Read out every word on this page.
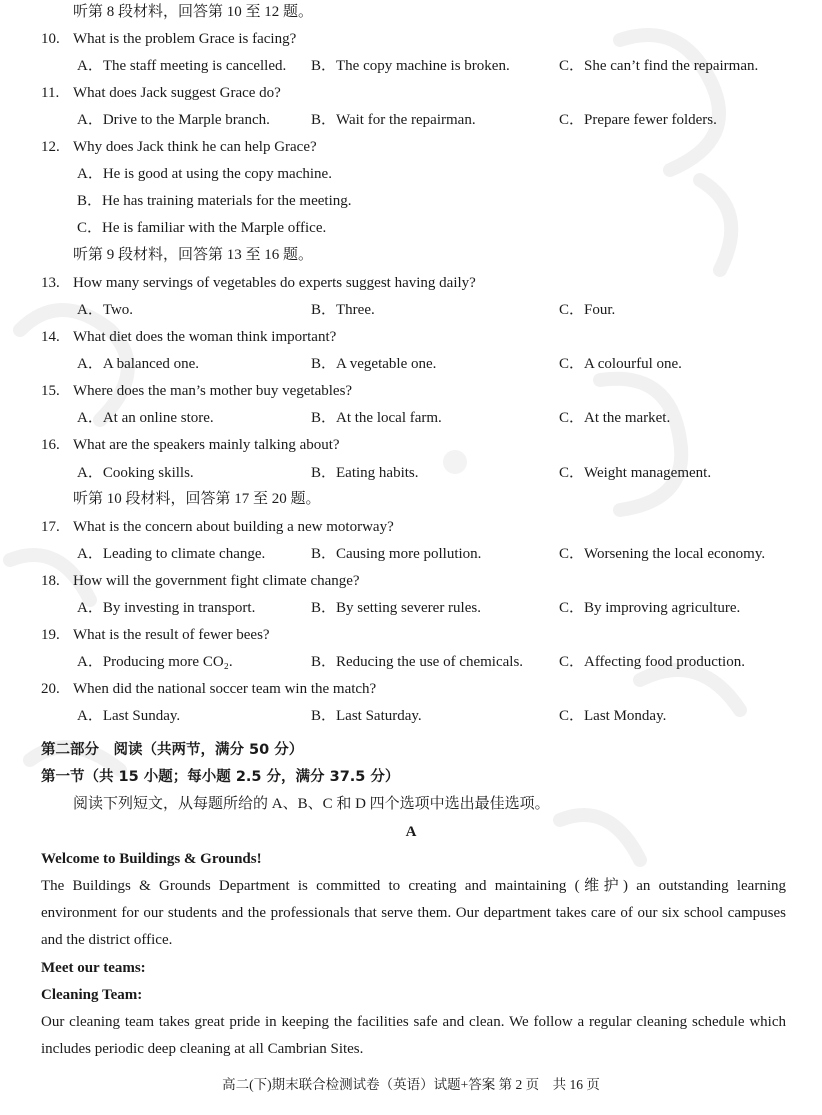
听第 8 段材料，回答第 10 至 12 题。
10. What is the problem Grace is facing?
A．The staff meeting is cancelled. B．The copy machine is broken.	C．She can’t find the repairman.
11. What does Jack suggest Grace do?
A．Drive to the Marple branch.	B．Wait for the repairman.	C．Prepare fewer folders.
12. Why does Jack think he can help Grace?
A．He is good at using the copy machine.
B．He has training materials for the meeting.
C．He is familiar with the Marple office.
听第 9 段材料，回答第 13 至 16 题。
13. How many servings of vegetables do experts suggest having daily?
A．Two.	B．Three.	C．Four.
14. What diet does the woman think important?
A．A balanced one.	B．A vegetable one.	C．A colourful one.
15. Where does the man’s mother buy vegetables?
A．At an online store.	B．At the local farm.	C．At the market.
16. What are the speakers mainly talking about?
A．Cooking skills.	B．Eating habits.	C．Weight management.
听第 10 段材料，回答第 17 至 20 题。
17. What is the concern about building a new motorway?
A．Leading to climate change.	B．Causing more pollution.	C．Worsening the local economy.
18. How will the government fight climate change?
A．By investing in transport.	B．By setting severer rules.	C．By improving agriculture.
19. What is the result of fewer bees?
A．Producing more CO₂.	B．Reducing the use of chemicals. C．Affecting food production.
20. When did the national soccer team win the match?
A．Last Sunday.	B．Last Saturday.	C．Last Monday.
第二部分　阅读（共两节，满分 50 分）
第一节（共 15 小题；每小题 2.5 分，满分 37.5 分）
阅读下列短文，从每题所给的 A、B、C 和 D 四个选项中选出最佳选项。
A
Welcome to Buildings & Grounds!
The Buildings & Grounds Department is committed to creating and maintaining (维护) an outstanding learning environment for our students and the professionals that serve them. Our department takes care of our six school campuses and the district office.
Meet our teams:
Cleaning Team:
Our cleaning team takes great pride in keeping the facilities safe and clean. We follow a regular cleaning schedule which includes periodic deep cleaning at all Cambrian Sites.
高二(下)期末联合检测试卷（英语）试题+答案 第 2 页　共 16 页
